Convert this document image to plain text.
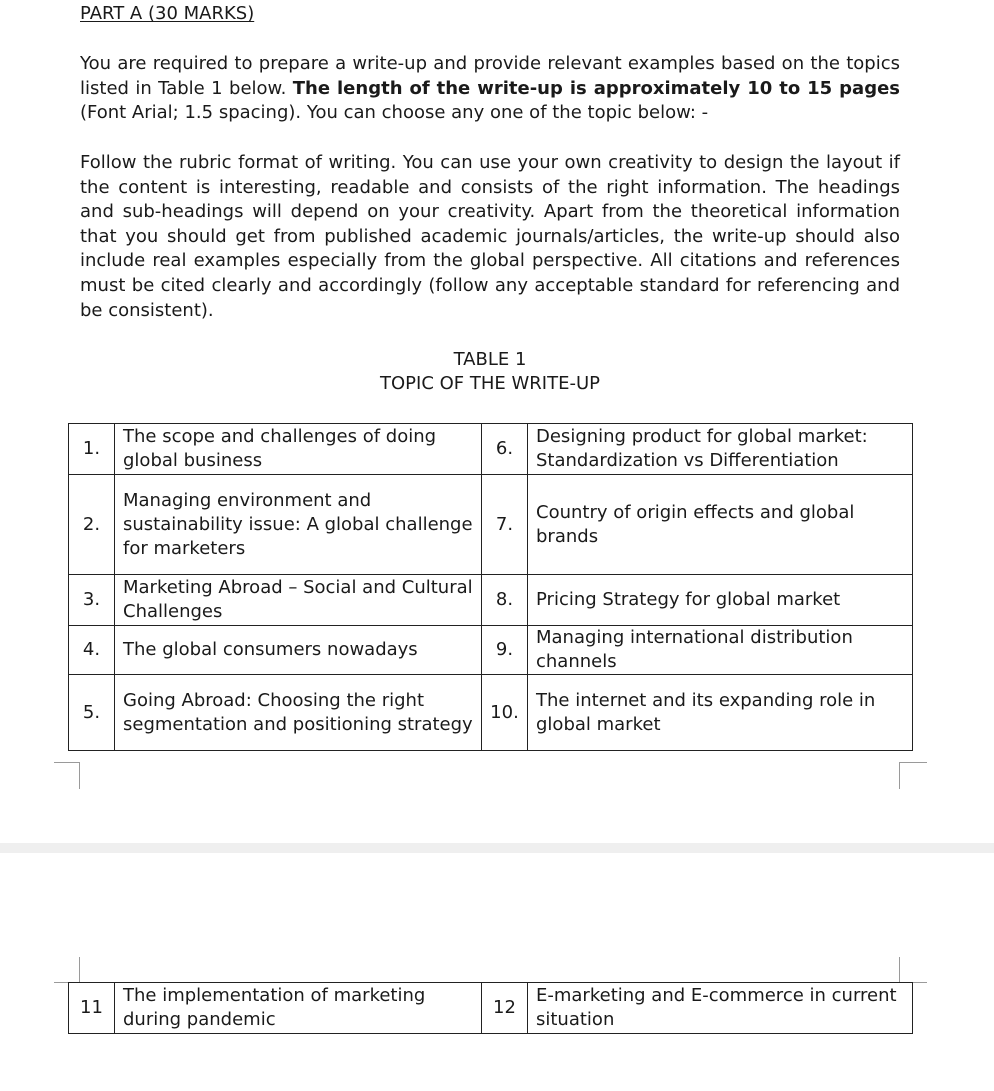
PART A (30 MARKS)
You are required to prepare a write-up and provide relevant examples based on the topics listed in Table 1 below. The length of the write-up is approximately 10 to 15 pages (Font Arial; 1.5 spacing). You can choose any one of the topic below: -
Follow the rubric format of writing. You can use your own creativity to design the layout if the content is interesting, readable and consists of the right information. The headings and sub-headings will depend on your creativity. Apart from the theoretical information that you should get from published academic journals/articles, the write-up should also include real examples especially from the global perspective. All citations and references must be cited clearly and accordingly (follow any acceptable standard for referencing and be consistent).
TABLE 1
TOPIC OF THE WRITE-UP
1.	The scope and challenges of doing global business	6.	Designing product for global market: Standardization vs Differentiation
2.	Managing environment and sustainability issue: A global challenge for marketers	7.	Country of origin effects and global brands
3.	Marketing Abroad – Social and Cultural Challenges	8.	Pricing Strategy for global market
4.	The global consumers nowadays	9.	Managing international distribution channels
5.	Going Abroad: Choosing the right segmentation and positioning strategy	10.	The internet and its expanding role in global market
11	The implementation of marketing during pandemic	12	E-marketing and E-commerce in current situation
